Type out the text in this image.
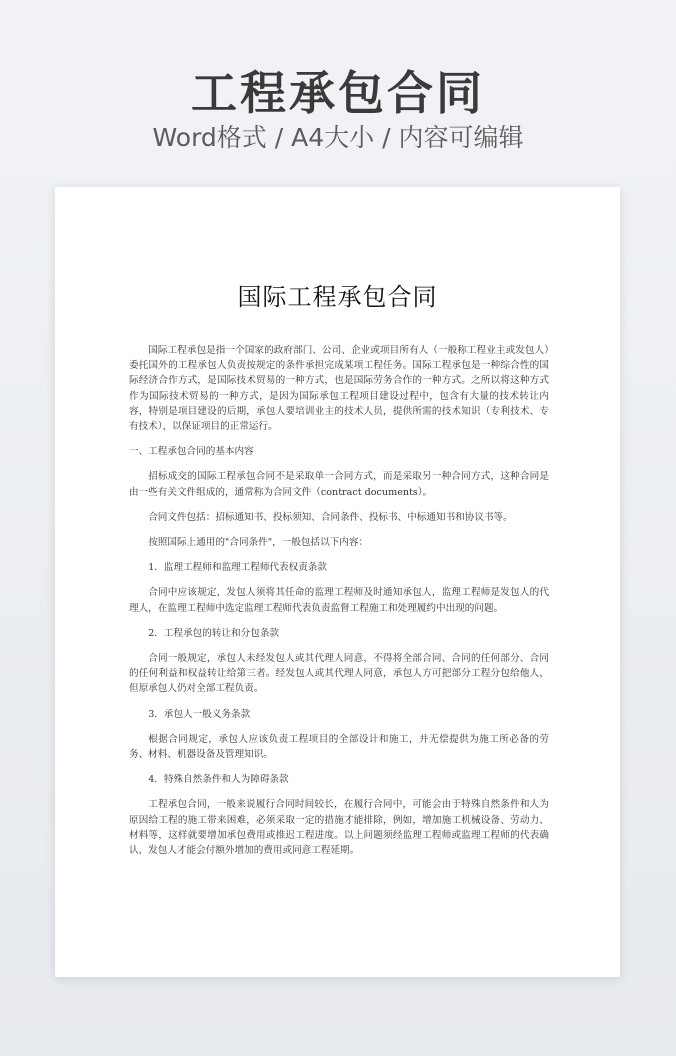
工程承包合同
Word格式 / A4大小 / 内容可编辑
国际工程承包合同

国际工程承包是指一个国家的政府部门、公司、企业或项目所有人（一般称工程业主或发包人）委托国外的工程承包人负责按规定的条件承担完成某项工程任务。国际工程承包是一种综合性的国际经济合作方式，是国际技术贸易的一种方式，也是国际劳务合作的一种方式。之所以将这种方式作为国际技术贸易的一种方式，是因为国际承包工程项目建设过程中，包含有大量的技术转让内容，特别是项目建设的后期，承包人要培训业主的技术人员，提供所需的技术知识（专利技术、专有技术），以保证项目的正常运行。

一、工程承包合同的基本内容

招标成交的国际工程承包合同不是采取单一合同方式，而是采取另一种合同方式，这种合同是由一些有关文件组成的，通常称为合同文件（contract documents）。

合同文件包括：招标通知书、投标须知、合同条件、投标书、中标通知书和协议书等。

按照国际上通用的"合同条件"，一般包括以下内容：

1．监理工程师和监理工程师代表权责条款

合同中应该规定，发包人须将其任命的监理工程师及时通知承包人，监理工程师是发包人的代理人，在监理工程师中选定监理工程师代表负责监督工程施工和处理履约中出现的问题。

2．工程承包的转让和分包条款

合同一般规定，承包人未经发包人或其代理人同意，不得将全部合同、合同的任何部分、合同的任何利益和权益转让给第三者。经发包人或其代理人同意，承包人方可把部分工程分包给他人，但原承包人仍对全部工程负责。

3．承包人一般义务条款

根据合同规定，承包人应该负责工程项目的全部设计和施工，并无偿提供为施工所必备的劳务、材料、机器设备及管理知识。

4．特殊自然条件和人为障碍条款

工程承包合同，一般来说履行合同时间较长，在履行合同中，可能会由于特殊自然条件和人为原因给工程的施工带来困难，必须采取一定的措施才能排除，例如，增加施工机械设备、劳动力、材料等，这样就要增加承包费用或推迟工程进度。以上问题须经监理工程师或监理工程师的代表确认，发包人才能会付额外增加的费用或同意工程延期。
